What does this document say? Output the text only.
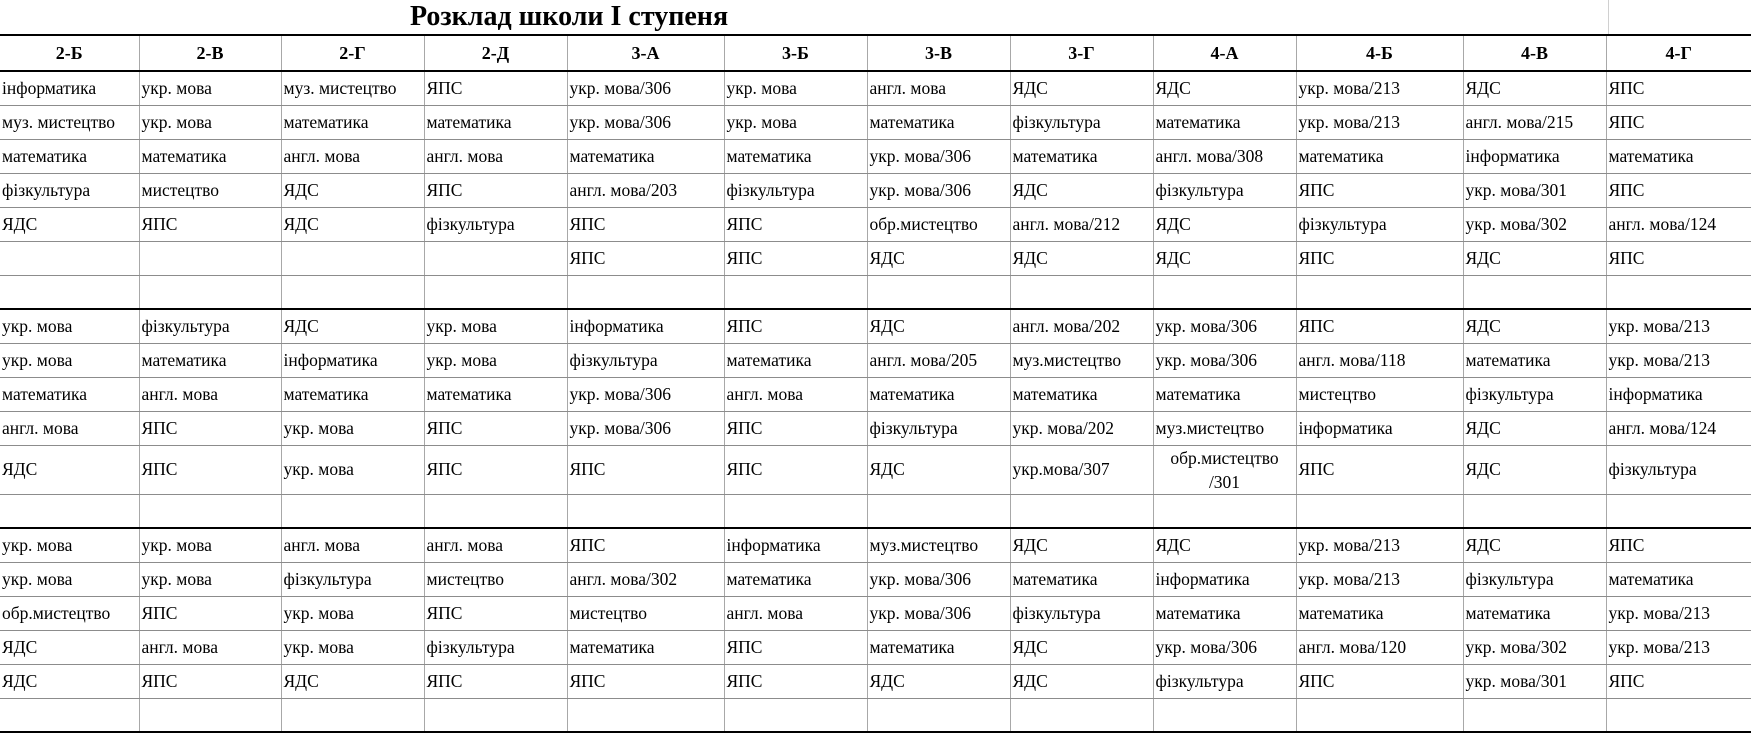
Розклад школи І ступеня
2-Б	2-В	2-Г	2-Д	3-А	3-Б	3-В	3-Г	4-А	4-Б	4-В	4-Г
інформатика	укр. мова	муз. мистецтво	ЯПС	укр. мова/306	укр. мова	англ. мова	ЯДС	ЯДС	укр. мова/213	ЯДС	ЯПС
муз. мистецтво	укр. мова	математика	математика	укр. мова/306	укр. мова	математика	фізкультура	математика	укр. мова/213	англ. мова/215	ЯПС
математика	математика	англ. мова	англ. мова	математика	математика	укр. мова/306	математика	англ. мова/308	математика	інформатика	математика
фізкультура	мистецтво	ЯДС	ЯПС	англ. мова/203	фізкультура	укр. мова/306	ЯДС	фізкультура	ЯПС	укр. мова/301	ЯПС
ЯДС	ЯПС	ЯДС	фізкультура	ЯПС	ЯПС	обр.мистецтво	англ. мова/212	ЯДС	фізкультура	укр. мова/302	англ. мова/124
				ЯПС	ЯПС	ЯДС	ЯДС	ЯДС	ЯПС	ЯДС	ЯПС

укр. мова	фізкультура	ЯДС	укр. мова	інформатика	ЯПС	ЯДС	англ. мова/202	укр. мова/306	ЯПС	ЯДС	укр. мова/213
укр. мова	математика	інформатика	укр. мова	фізкультура	математика	англ. мова/205	муз.мистецтво	укр. мова/306	англ. мова/118	математика	укр. мова/213
математика	англ. мова	математика	математика	укр. мова/306	англ. мова	математика	математика	математика	мистецтво	фізкультура	інформатика
англ. мова	ЯПС	укр. мова	ЯПС	укр. мова/306	ЯПС	фізкультура	укр. мова/202	муз.мистецтво	інформатика	ЯДС	англ. мова/124
ЯДС	ЯПС	укр. мова	ЯПС	ЯПС	ЯПС	ЯДС	укр.мова/307	обр.мистецтво /301	ЯПС	ЯДС	фізкультура

укр. мова	укр. мова	англ. мова	англ. мова	ЯПС	інформатика	муз.мистецтво	ЯДС	ЯДС	укр. мова/213	ЯДС	ЯПС
укр. мова	укр. мова	фізкультура	мистецтво	англ. мова/302	математика	укр. мова/306	математика	інформатика	укр. мова/213	фізкультура	математика
обр.мистецтво	ЯПС	укр. мова	ЯПС	мистецтво	англ. мова	укр. мова/306	фізкультура	математика	математика	математика	укр. мова/213
ЯДС	англ. мова	укр. мова	фізкультура	математика	ЯПС	математика	ЯДС	укр. мова/306	англ. мова/120	укр. мова/302	укр. мова/213
ЯДС	ЯПС	ЯДС	ЯПС	ЯПС	ЯПС	ЯДС	ЯДС	фізкультура	ЯПС	укр. мова/301	ЯПС
